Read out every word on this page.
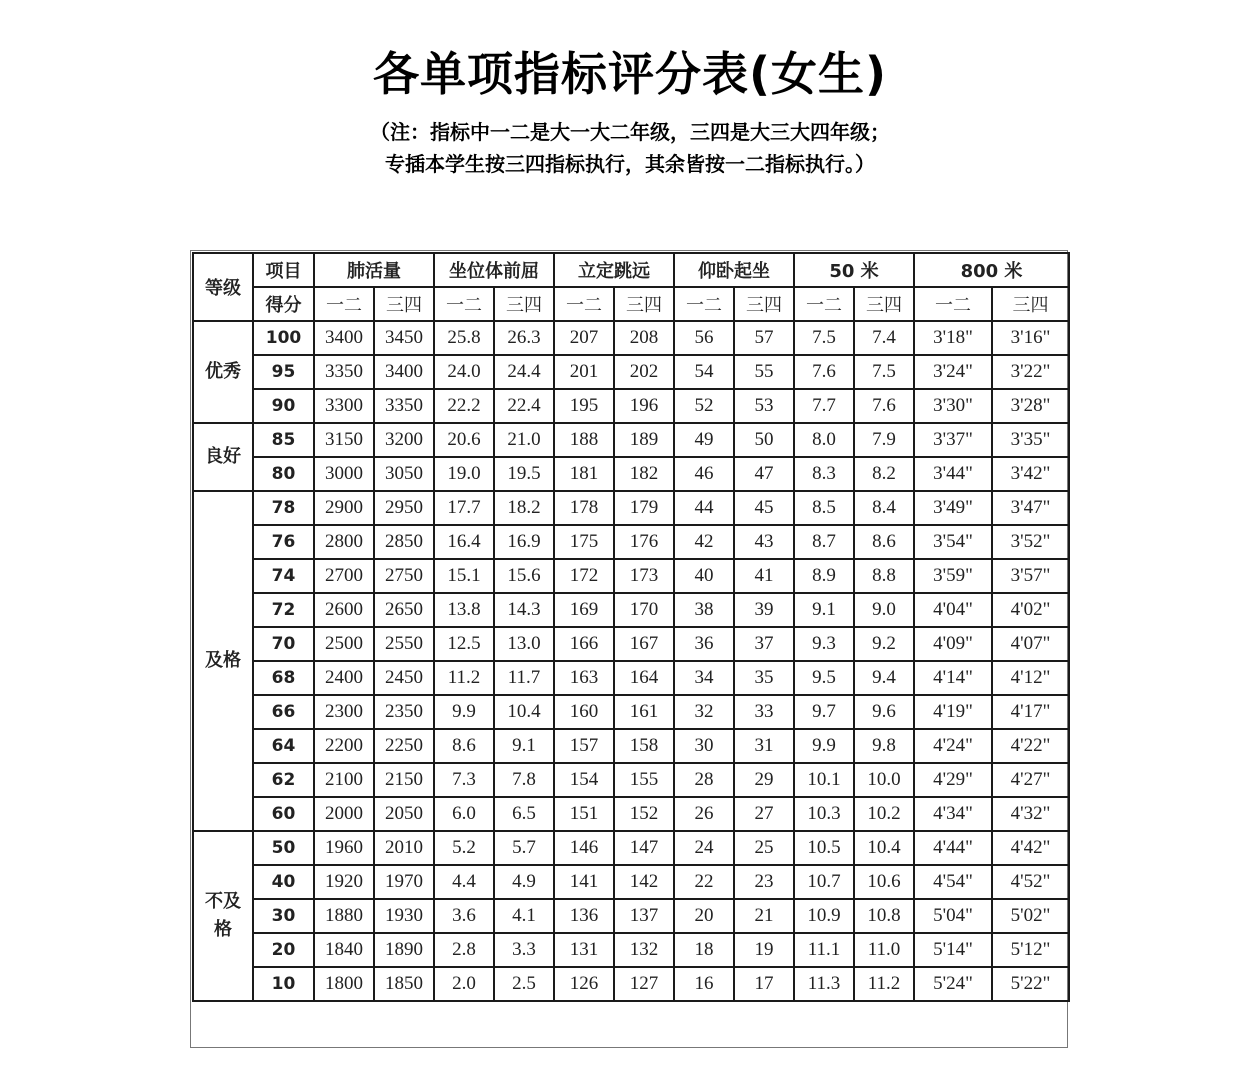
各单项指标评分表(女生)
（注：指标中一二是大一大二年级，三四是大三大四年级；
专插本学生按三四指标执行，其余皆按一二指标执行。）
等级	项目	肺活量		坐位体前屈		立定跳远		仰卧起坐		50 米		800 米	
	得分	一二	三四	一二	三四	一二	三四	一二	三四	一二	三四	一二	三四
优秀	100	3400	3450	25.8	26.3	207	208	56	57	7.5	7.4	3'18"	3'16"
	95	3350	3400	24.0	24.4	201	202	54	55	7.6	7.5	3'24"	3'22"
	90	3300	3350	22.2	22.4	195	196	52	53	7.7	7.6	3'30"	3'28"
良好	85	3150	3200	20.6	21.0	188	189	49	50	8.0	7.9	3'37"	3'35"
	80	3000	3050	19.0	19.5	181	182	46	47	8.3	8.2	3'44"	3'42"
及格	78	2900	2950	17.7	18.2	178	179	44	45	8.5	8.4	3'49"	3'47"
	76	2800	2850	16.4	16.9	175	176	42	43	8.7	8.6	3'54"	3'52"
	74	2700	2750	15.1	15.6	172	173	40	41	8.9	8.8	3'59"	3'57"
	72	2600	2650	13.8	14.3	169	170	38	39	9.1	9.0	4'04"	4'02"
	70	2500	2550	12.5	13.0	166	167	36	37	9.3	9.2	4'09"	4'07"
	68	2400	2450	11.2	11.7	163	164	34	35	9.5	9.4	4'14"	4'12"
	66	2300	2350	9.9	10.4	160	161	32	33	9.7	9.6	4'19"	4'17"
	64	2200	2250	8.6	9.1	157	158	30	31	9.9	9.8	4'24"	4'22"
	62	2100	2150	7.3	7.8	154	155	28	29	10.1	10.0	4'29"	4'27"
	60	2000	2050	6.0	6.5	151	152	26	27	10.3	10.2	4'34"	4'32"

不及
格	50	1960	2010	5.2	5.7	146	147	24	25	10.5	10.4	4'44"	4'42"
	40	1920	1970	4.4	4.9	141	142	22	23	10.7	10.6	4'54"	4'52"
	30	1880	1930	3.6	4.1	136	137	20	21	10.9	10.8	5'04"	5'02"
	20	1840	1890	2.8	3.3	131	132	18	19	11.1	11.0	5'14"	5'12"
	10	1800	1850	2.0	2.5	126	127	16	17	11.3	11.2	5'24"	5'22"
